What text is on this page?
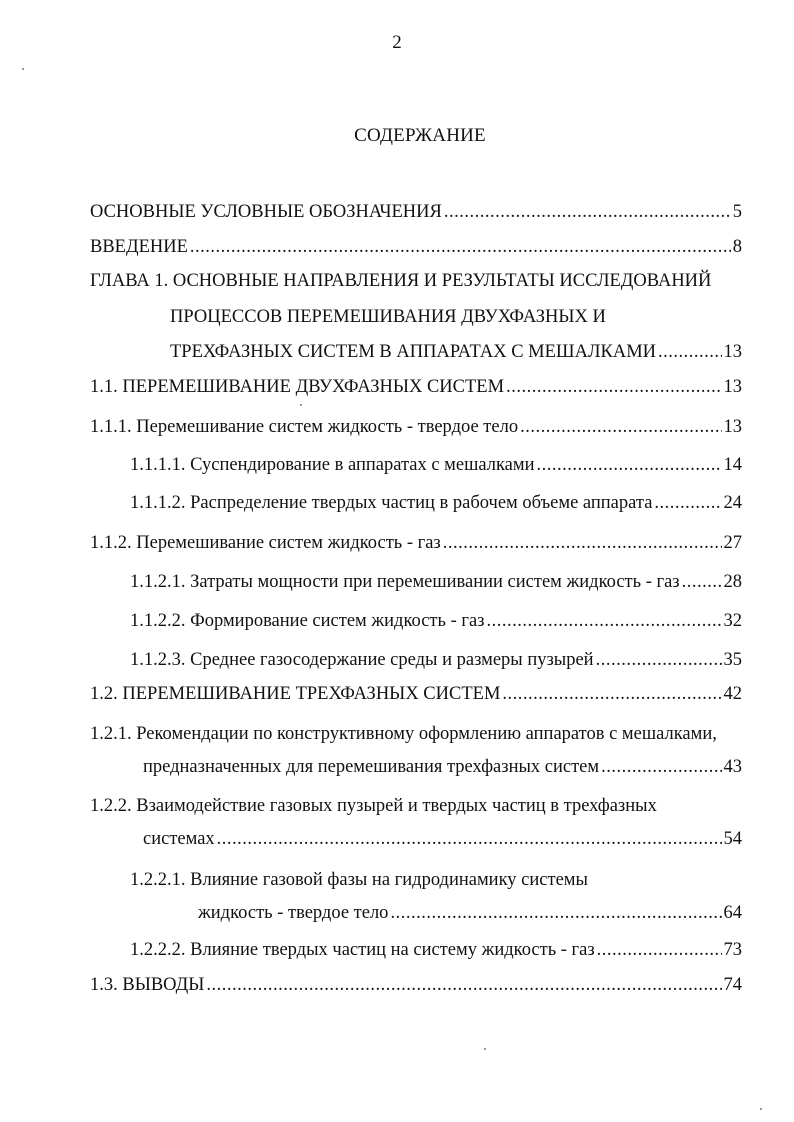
2
СОДЕРЖАНИЕ
ОСНОВНЫЕ УСЛОВНЫЕ ОБОЗНАЧЕНИЯ .....	5
ВВЕДЕНИЕ .....	8
ГЛАВА 1. ОСНОВНЫЕ НАПРАВЛЕНИЯ И РЕЗУЛЬТАТЫ ИССЛЕДОВАНИЙ
ПРОЦЕССОВ ПЕРЕМЕШИВАНИЯ ДВУХФАЗНЫХ И
ТРЕХФАЗНЫХ СИСТЕМ В АППАРАТАХ С МЕШАЛКАМИ .....	13
1.1. ПЕРЕМЕШИВАНИЕ ДВУХФАЗНЫХ СИСТЕМ .....	13
1.1.1. Перемешивание систем жидкость - твердое тело .....	13
1.1.1.1. Суспендирование в аппаратах с мешалками .....	14
1.1.1.2. Распределение твердых частиц в рабочем объеме аппарата .....	24
1.1.2. Перемешивание систем жидкость - газ .....	27
1.1.2.1. Затраты мощности при перемешивании систем жидкость - газ ..... 28
1.1.2.2. Формирование систем жидкость - газ .....	32
1.1.2.3. Среднее газосодержание среды и размеры пузырей .....	35
1.2. ПЕРЕМЕШИВАНИЕ ТРЕХФАЗНЫХ СИСТЕМ .....	42
1.2.1. Рекомендации по конструктивному оформлению аппаратов с мешалками,
предназначенных для перемешивания трехфазных систем .....	43
1.2.2. Взаимодействие газовых пузырей и твердых частиц в трехфазных
системах .....	54
1.2.2.1. Влияние газовой фазы на гидродинамику системы
жидкость - твердое тело .....	64
1.2.2.2. Влияние твердых частиц на систему жидкость - газ .....	73
1.3. ВЫВОДЫ .....	74
